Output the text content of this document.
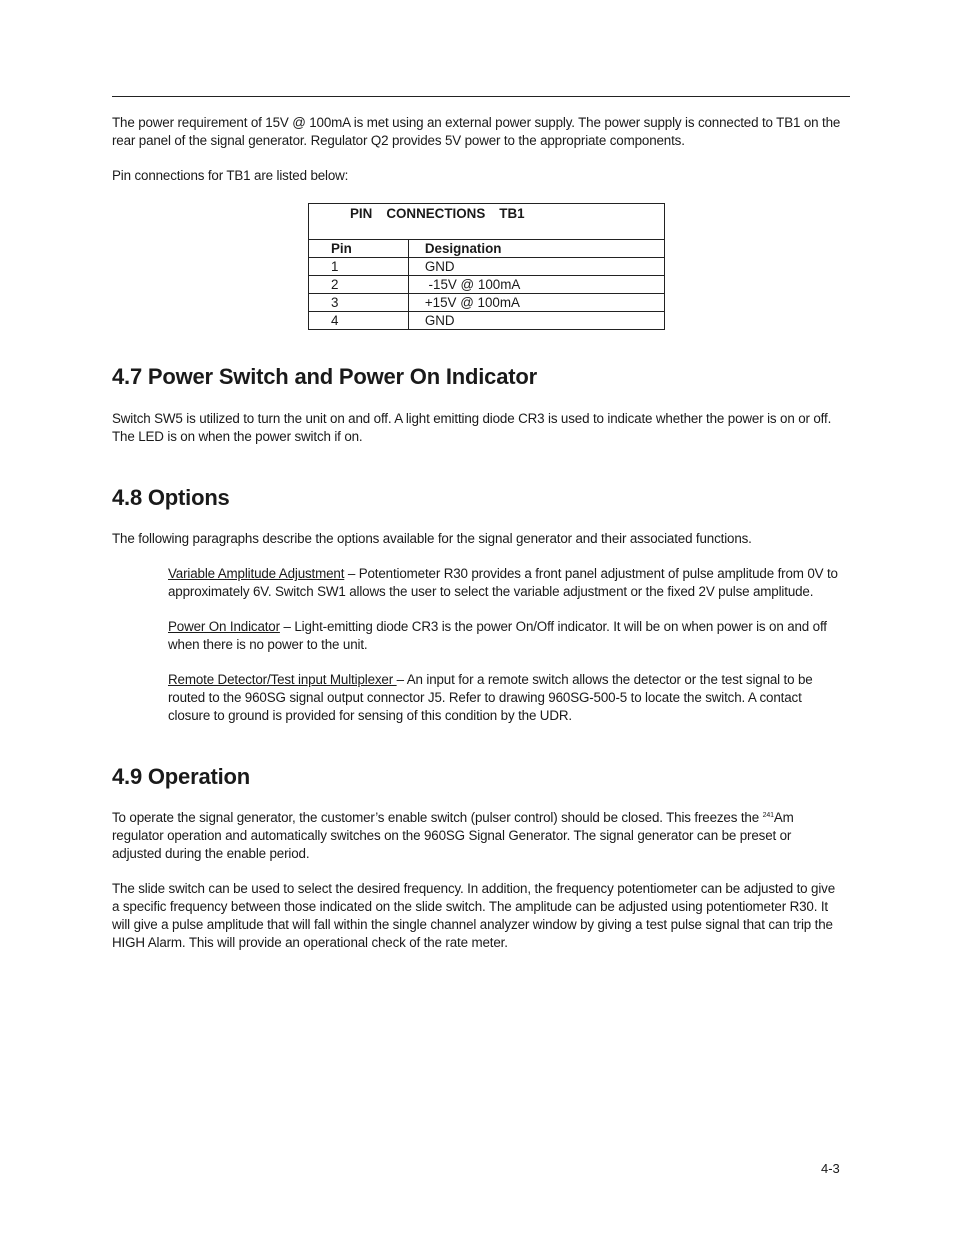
The power requirement of 15V @ 100mA is met using an external power supply. The power supply is connected to TB1 on the rear panel of the signal generator. Regulator Q2 provides 5V power to the appropriate components.

Pin connections for TB1 are listed below:

PIN CONNECTIONS TB1	
Pin	Designation
1	GND
2	-15V @ 100mA
3	+15V @ 100mA
4	GND
4.7 Power Switch and Power On Indicator

Switch SW5 is utilized to turn the unit on and off. A light emitting diode CR3 is used to indicate whether the power is on or off. The LED is on when the power switch if on.

4.8 Options

The following paragraphs describe the options available for the signal generator and their associated functions.

Variable Amplitude Adjustment – Potentiometer R30 provides a front panel adjustment of pulse amplitude from 0V to approximately 6V. Switch SW1 allows the user to select the variable adjustment or the fixed 2V pulse amplitude.

Power On Indicator – Light-emitting diode CR3 is the power On/Off indicator. It will be on when power is on and off when there is no power to the unit.

Remote Detector/Test input Multiplexer – An input for a remote switch allows the detector or the test signal to be routed to the 960SG signal output connector J5. Refer to drawing 960SG-500-5 to locate the switch. A contact closure to ground is provided for sensing of this condition by the UDR.

4.9 Operation

To operate the signal generator, the customer’s enable switch (pulser control) should be closed. This freezes the $^{241}$Am regulator operation and automatically switches on the 960SG Signal Generator. The signal generator can be preset or adjusted during the enable period.

The slide switch can be used to select the desired frequency. In addition, the frequency potentiometer can be adjusted to give a specific frequency between those indicated on the slide switch. The amplitude can be adjusted using potentiometer R30. It will give a pulse amplitude that will fall within the single channel analyzer window by giving a test pulse signal that can trip the HIGH Alarm. This will provide an operational check of the rate meter.

4-3
